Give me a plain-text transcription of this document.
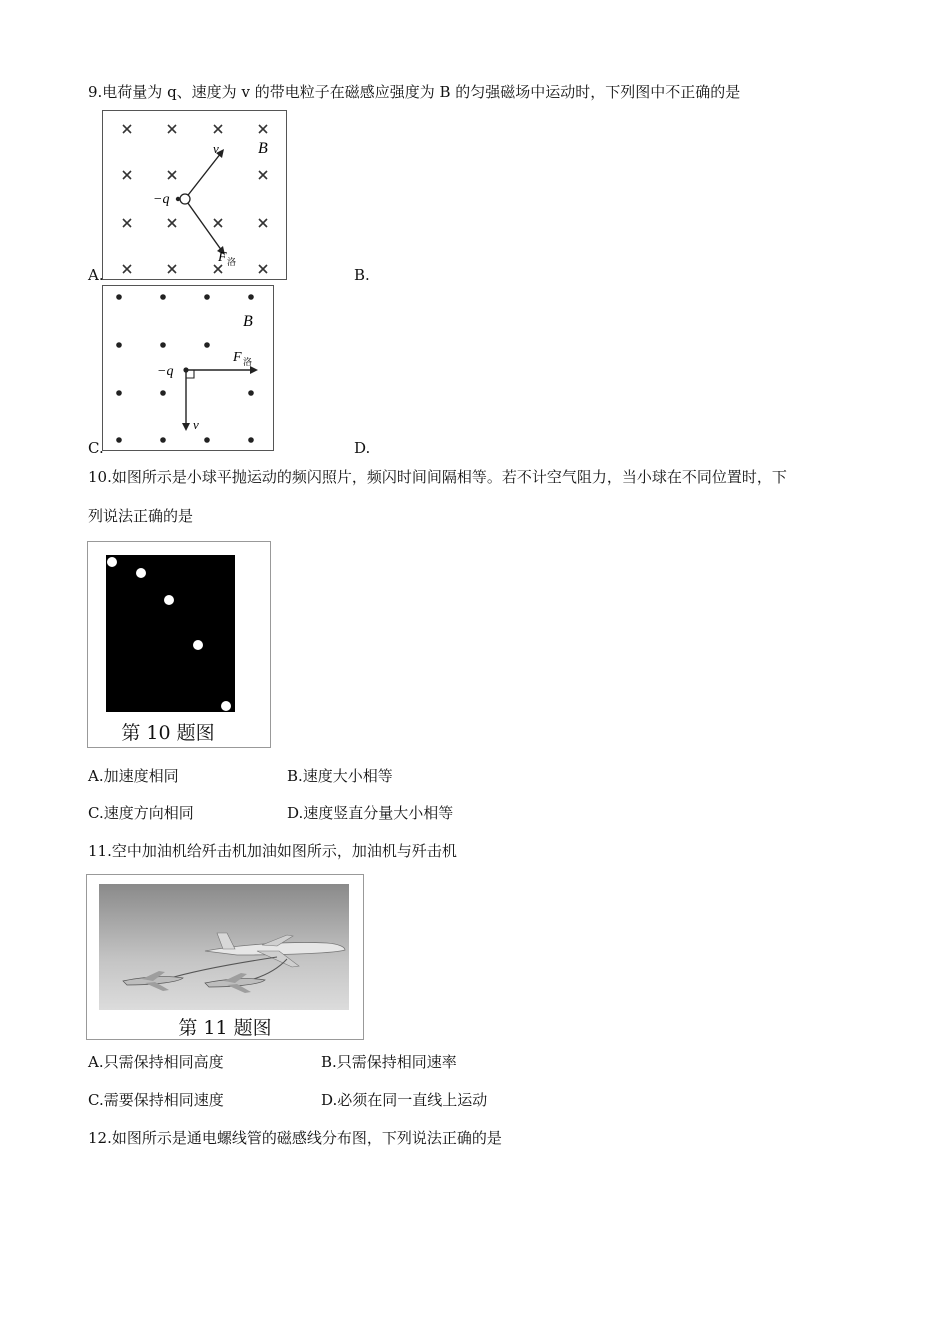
9.电荷量为 q、速度为 v 的带电粒子在磁感应强度为 B 的匀强磁场中运动时，下列图中不正确的是
v B
−q
F 洛
A.	B.
B
F 洛
−q
v
C.	D.
10.如图所示是小球平抛运动的频闪照片，频闪时间间隔相等。若不计空气阻力，当小球在不同位置时，下
列说法正确的是
第 10 题图
A.加速度相同	B.速度大小相等
C.速度方向相同	D.速度竖直分量大小相等
11.空中加油机给歼击机加油如图所示，加油机与歼击机
第 11 题图
A.只需保持相同高度	B.只需保持相同速率
C.需要保持相同速度	D.必须在同一直线上运动
12.如图所示是通电螺线管的磁感线分布图，下列说法正确的是
